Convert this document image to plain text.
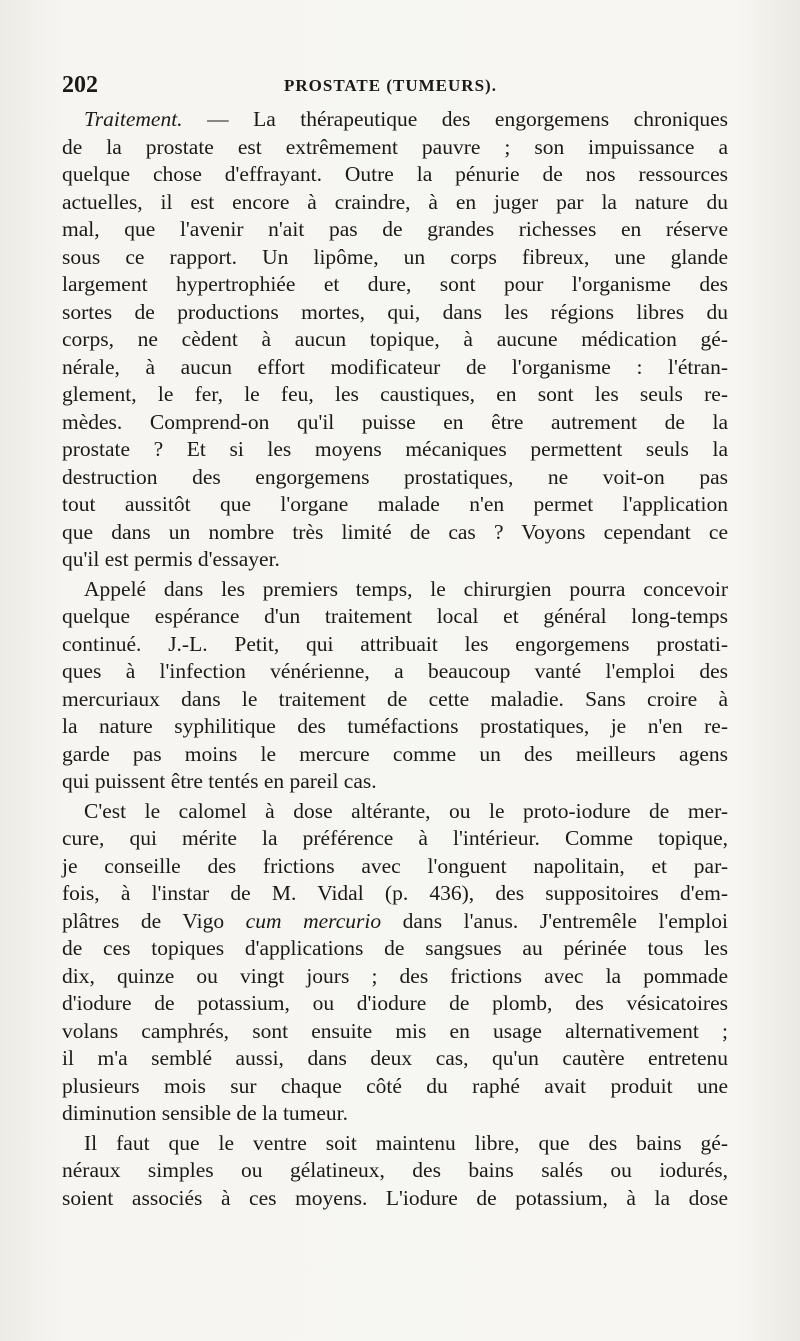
202	PROSTATE (TUMEURS).
Traitement. — La thérapeutique des engorgemens chroniques
de la prostate est extrêmement pauvre ; son impuissance a
quelque chose d'effrayant. Outre la pénurie de nos ressources
actuelles, il est encore à craindre, à en juger par la nature du
mal, que l'avenir n'ait pas de grandes richesses en réserve
sous ce rapport. Un lipôme, un corps fibreux, une glande
largement hypertrophiée et dure, sont pour l'organisme des
sortes de productions mortes, qui, dans les régions libres du
corps, ne cèdent à aucun topique, à aucune médication gé-
nérale, à aucun effort modificateur de l'organisme : l'étran-
glement, le fer, le feu, les caustiques, en sont les seuls re-
mèdes. Comprend-on qu'il puisse en être autrement de la
prostate ? Et si les moyens mécaniques permettent seuls la
destruction des engorgemens prostatiques, ne voit-on pas
tout aussitôt que l'organe malade n'en permet l'application
que dans un nombre très limité de cas ? Voyons cependant ce
qu'il est permis d'essayer.
Appelé dans les premiers temps, le chirurgien pourra concevoir
quelque espérance d'un traitement local et général long-temps
continué. J.-L. Petit, qui attribuait les engorgemens prostati-
ques à l'infection vénérienne, a beaucoup vanté l'emploi des
mercuriaux dans le traitement de cette maladie. Sans croire à
la nature syphilitique des tuméfactions prostatiques, je n'en re-
garde pas moins le mercure comme un des meilleurs agens
qui puissent être tentés en pareil cas.
C'est le calomel à dose altérante, ou le proto-iodure de mer-
cure, qui mérite la préférence à l'intérieur. Comme topique,
je conseille des frictions avec l'onguent napolitain, et par-
fois, à l'instar de M. Vidal (p. 436), des suppositoires d'em-
plâtres de Vigo cum mercurio dans l'anus. J'entremêle l'emploi
de ces topiques d'applications de sangsues au périnée tous les
dix, quinze ou vingt jours ; des frictions avec la pommade
d'iodure de potassium, ou d'iodure de plomb, des vésicatoires
volans camphrés, sont ensuite mis en usage alternativement ;
il m'a semblé aussi, dans deux cas, qu'un cautère entretenu
plusieurs mois sur chaque côté du raphé avait produit une
diminution sensible de la tumeur.
Il faut que le ventre soit maintenu libre, que des bains gé-
néraux simples ou gélatineux, des bains salés ou iodurés,
soient associés à ces moyens. L'iodure de potassium, à la dose
